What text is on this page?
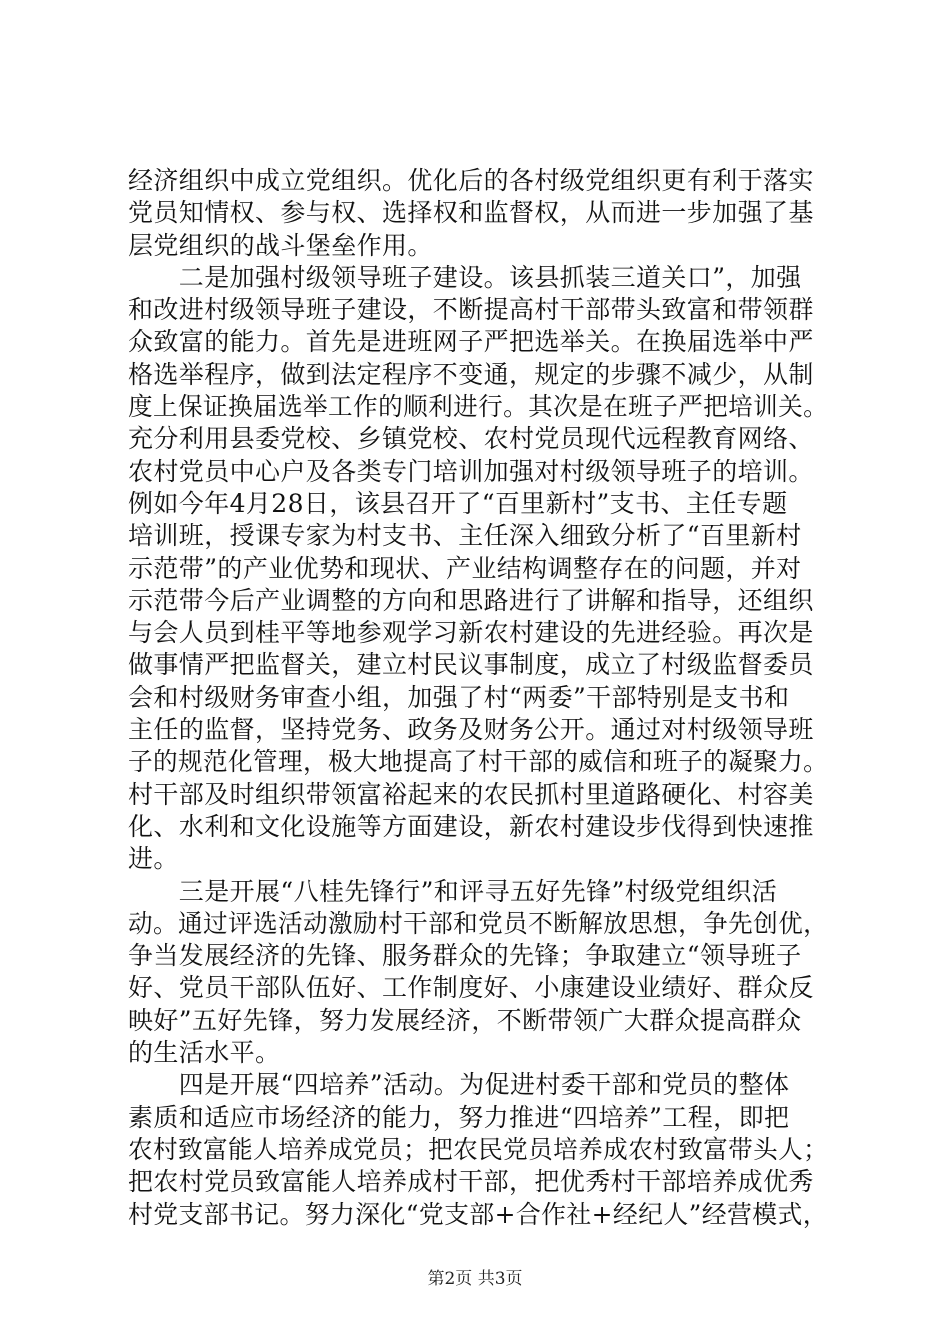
经济组织中成立党组织。优化后的各村级党组织更有利于落实
党员知情权、参与权、选择权和监督权，从而进一步加强了基
层党组织的战斗堡垒作用。
　　二是加强村级领导班子建设。该县抓装三道关口”，加强
和改进村级领导班子建设，不断提高村干部带头致富和带领群
众致富的能力。首先是进班网子严把选举关。在换届选举中严
格选举程序，做到法定程序不变通，规定的步骤不减少，从制
度上保证换届选举工作的顺利进行。其次是在班子严把培训关。
充分利用县委党校、乡镇党校、农村党员现代远程教育网络、
农村党员中心户及各类专门培训加强对村级领导班子的培训。
例如今年4月28日，该县召开了“百里新村”支书、主任专题
培训班，授课专家为村支书、主任深入细致分析了“百里新村
示范带”的产业优势和现状、产业结构调整存在的问题，并对
示范带今后产业调整的方向和思路进行了讲解和指导，还组织
与会人员到桂平等地参观学习新农村建设的先进经验。再次是
做事情严把监督关，建立村民议事制度，成立了村级监督委员
会和村级财务审查小组，加强了村“两委”干部特别是支书和
主任的监督，坚持党务、政务及财务公开。通过对村级领导班
子的规范化管理，极大地提高了村干部的威信和班子的凝聚力。
村干部及时组织带领富裕起来的农民抓村里道路硬化、村容美
化、水利和文化设施等方面建设，新农村建设步伐得到快速推
进。
　　三是开展“八桂先锋行”和评寻五好先锋”村级党组织活
动。通过评选活动激励村干部和党员不断解放思想，争先创优，
争当发展经济的先锋、服务群众的先锋；争取建立“领导班子
好、党员干部队伍好、工作制度好、小康建设业绩好、群众反
映好”五好先锋，努力发展经济，不断带领广大群众提高群众
的生活水平。
　　四是开展“四培养”活动。为促进村委干部和党员的整体
素质和适应市场经济的能力，努力推进“四培养”工程，即把
农村致富能人培养成党员；把农民党员培养成农村致富带头人；
把农村党员致富能人培养成村干部，把优秀村干部培养成优秀
村党支部书记。努力深化“党支部+合作社+经纪人”经营模式，
第2页 共3页
